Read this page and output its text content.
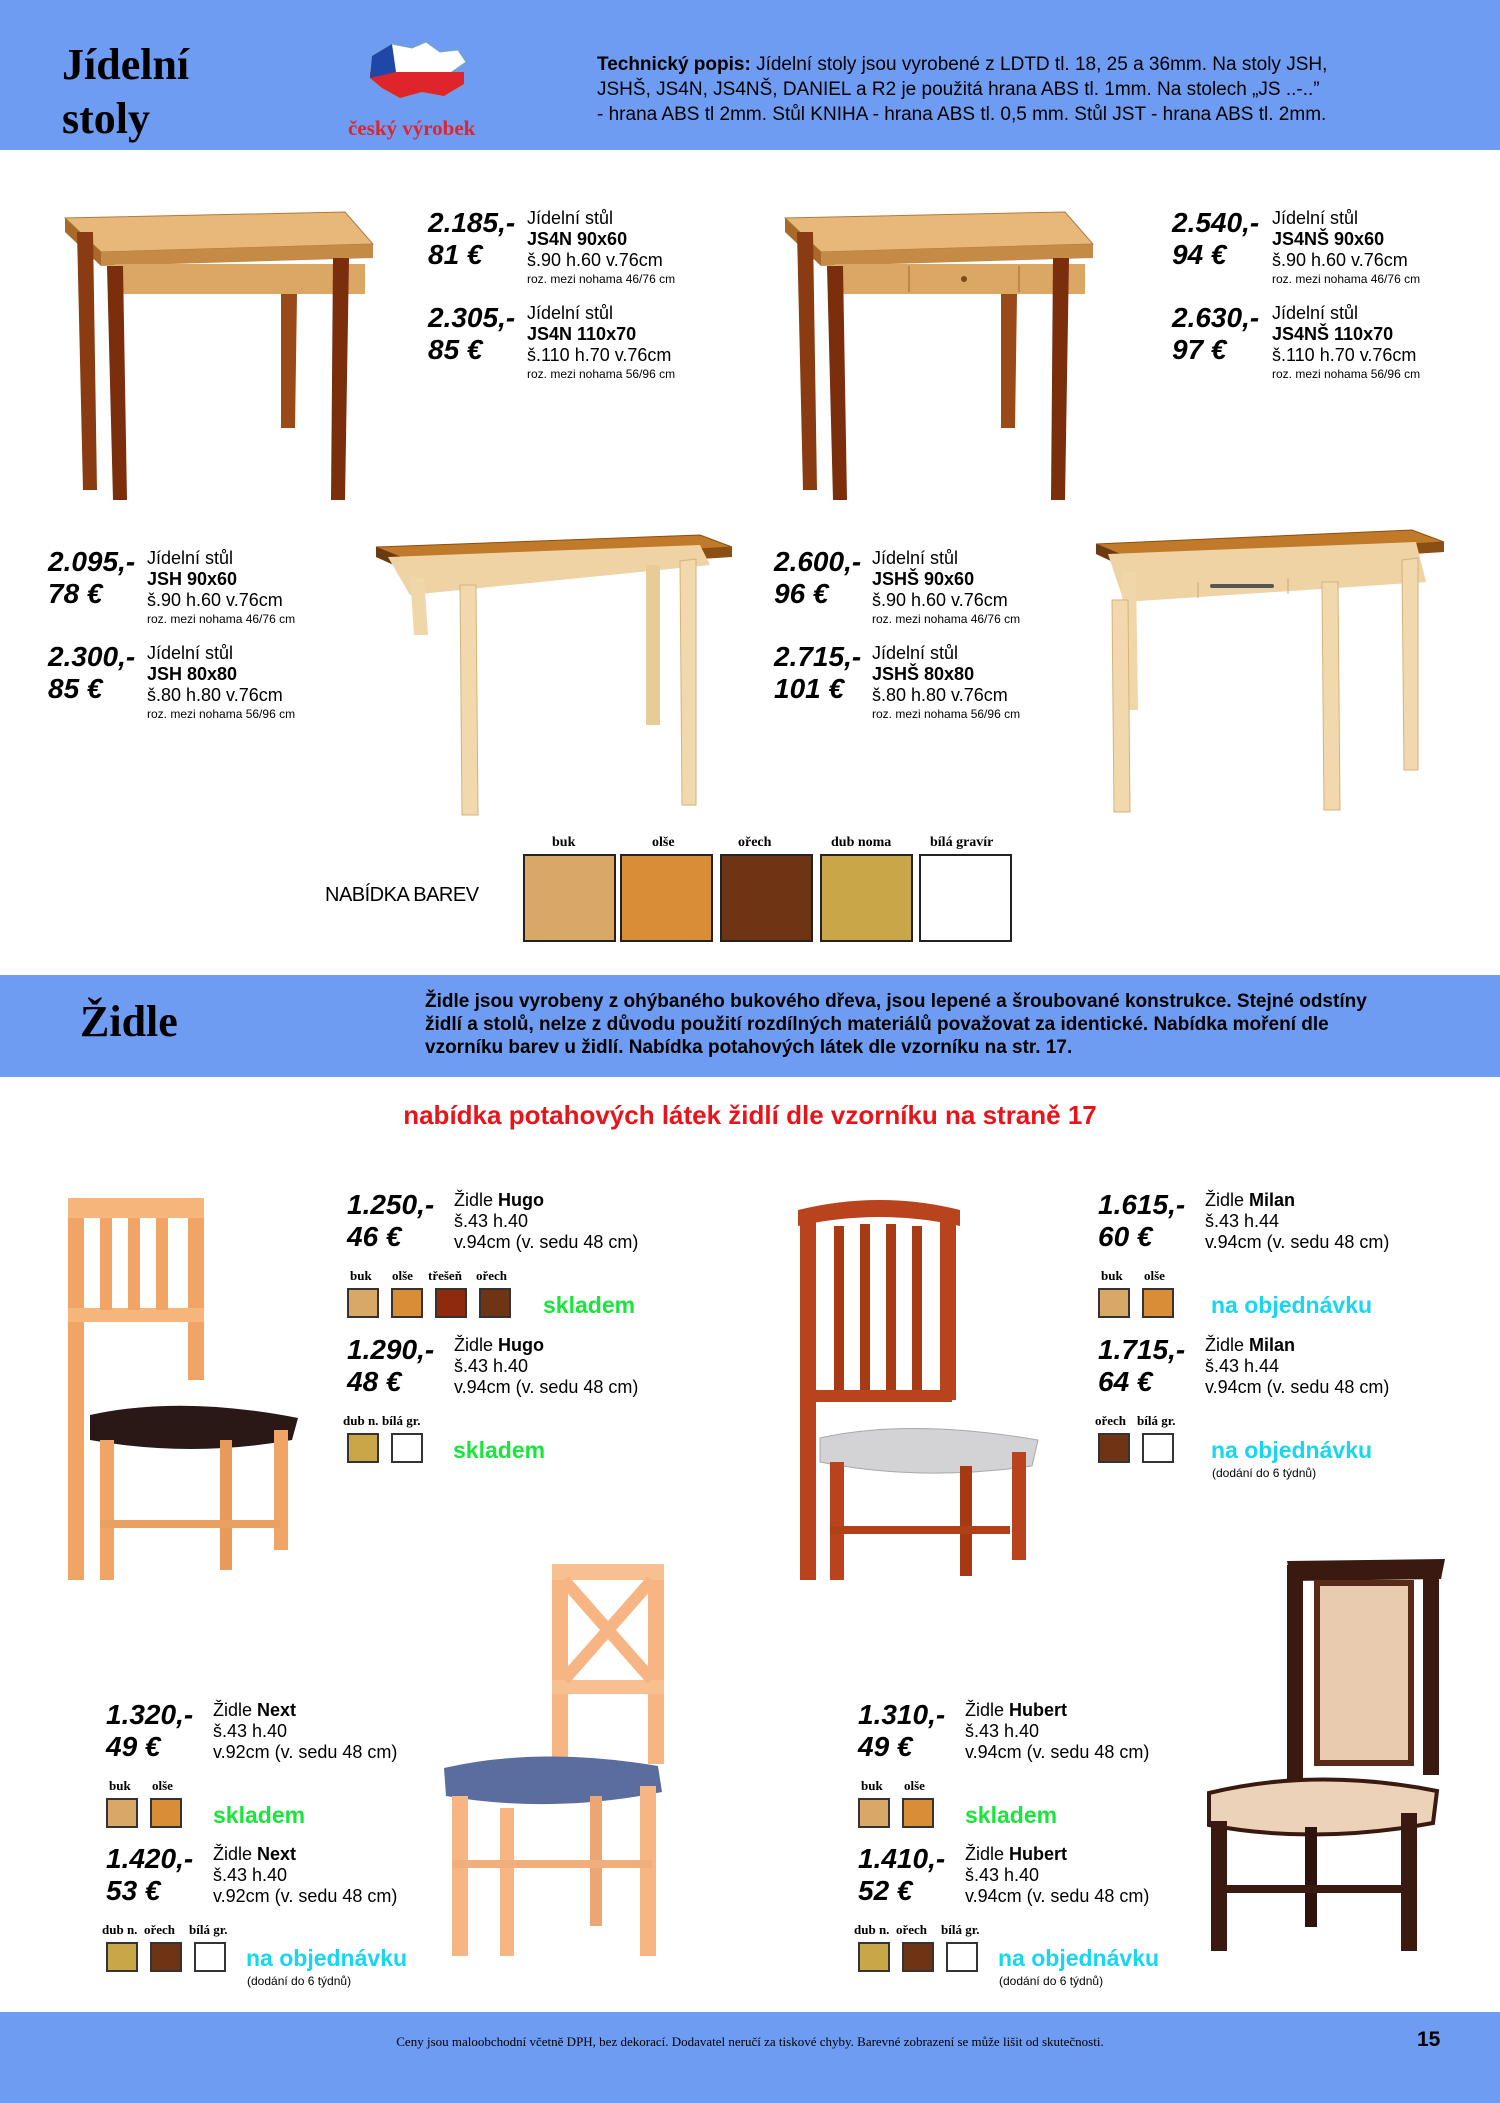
Jídelní
stoly	český výrobek
Technický popis: Jídelní stoly jsou vyrobené z LDTD tl. 18, 25 a 36mm. Na stoly JSH,
JSHŠ, JS4N, JS4NŠ, DANIEL a R2 je použitá hrana ABS tl. 1mm. Na stolech „JS ..-..”
- hrana ABS tl 2mm. Stůl KNIHA - hrana ABS tl. 0,5 mm. Stůl JST - hrana ABS tl. 2mm.
2.185,-
81 €
Jídelní stůl
JS4N 90x60
š.90 h.60 v.76cm
roz. mezi nohama 46/76 cm
2.305,-
85 €
Jídelní stůl
JS4N 110x70
š.110 h.70 v.76cm
roz. mezi nohama 56/96 cm
2.540,-
94 €
Jídelní stůl
JS4NŠ 90x60
š.90 h.60 v.76cm
roz. mezi nohama 46/76 cm
2.630,-
97 €
Jídelní stůl
JS4NŠ 110x70
š.110 h.70 v.76cm
roz. mezi nohama 56/96 cm
2.095,-
78 €
Jídelní stůl
JSH 90x60
š.90 h.60 v.76cm
roz. mezi nohama 46/76 cm
2.300,-
85 €
Jídelní stůl
JSH 80x80
š.80 h.80 v.76cm
roz. mezi nohama 56/96 cm
2.600,-
96 €
Jídelní stůl
JSHŠ 90x60
š.90 h.60 v.76cm
roz. mezi nohama 46/76 cm
2.715,-
101 €
Jídelní stůl
JSHŠ 80x80
š.80 h.80 v.76cm
roz. mezi nohama 56/96 cm
NABÍDKA BAREV
buk	olše	ořech	dub noma	bílá gravír
Židle	Židle jsou vyrobeny z ohýbaného bukového dřeva, jsou lepené a šroubované konstrukce. Stejné odstíny
židlí a stolů, nelze z důvodu použití rozdílných materiálů považovat za identické. Nabídka moření dle
vzorníku barev u židlí. Nabídka potahových látek dle vzorníku na str. 17.
nabídka potahových látek židlí dle vzorníku na straně 17
1.250,-
46 €
Židle Hugo
š.43 h.40
v.94cm (v. sedu 48 cm)
buk olše třešeň ořech
skladem
1.290,-
48 €
Židle Hugo
š.43 h.40
v.94cm (v. sedu 48 cm)
dub n. bílá gr.
skladem
1.615,-
60 €
Židle Milan
š.43 h.44
v.94cm (v. sedu 48 cm)
buk olše
na objednávku
1.715,-
64 €
Židle Milan
š.43 h.44
v.94cm (v. sedu 48 cm)
ořech bílá gr.
na objednávku
(dodání do 6 týdnů)
1.320,-
49 €
Židle Next
š.43 h.40
v.92cm (v. sedu 48 cm)
buk olše
skladem
1.420,-
53 €
Židle Next
š.43 h.40
v.92cm (v. sedu 48 cm)
dub n. ořech bílá gr.
na objednávku
(dodání do 6 týdnů)
1.310,-
49 €
Židle Hubert
š.43 h.40
v.94cm (v. sedu 48 cm)
buk olše
skladem
1.410,-
52 €
Židle Hubert
š.43 h.40
v.94cm (v. sedu 48 cm)
dub n. ořech bílá gr.
na objednávku
(dodání do 6 týdnů)
Ceny jsou maloobchodní včetně DPH, bez dekorací. Dodavatel neručí za tiskové chyby. Barevné zobrazení se může lišit od skutečnosti.	15
